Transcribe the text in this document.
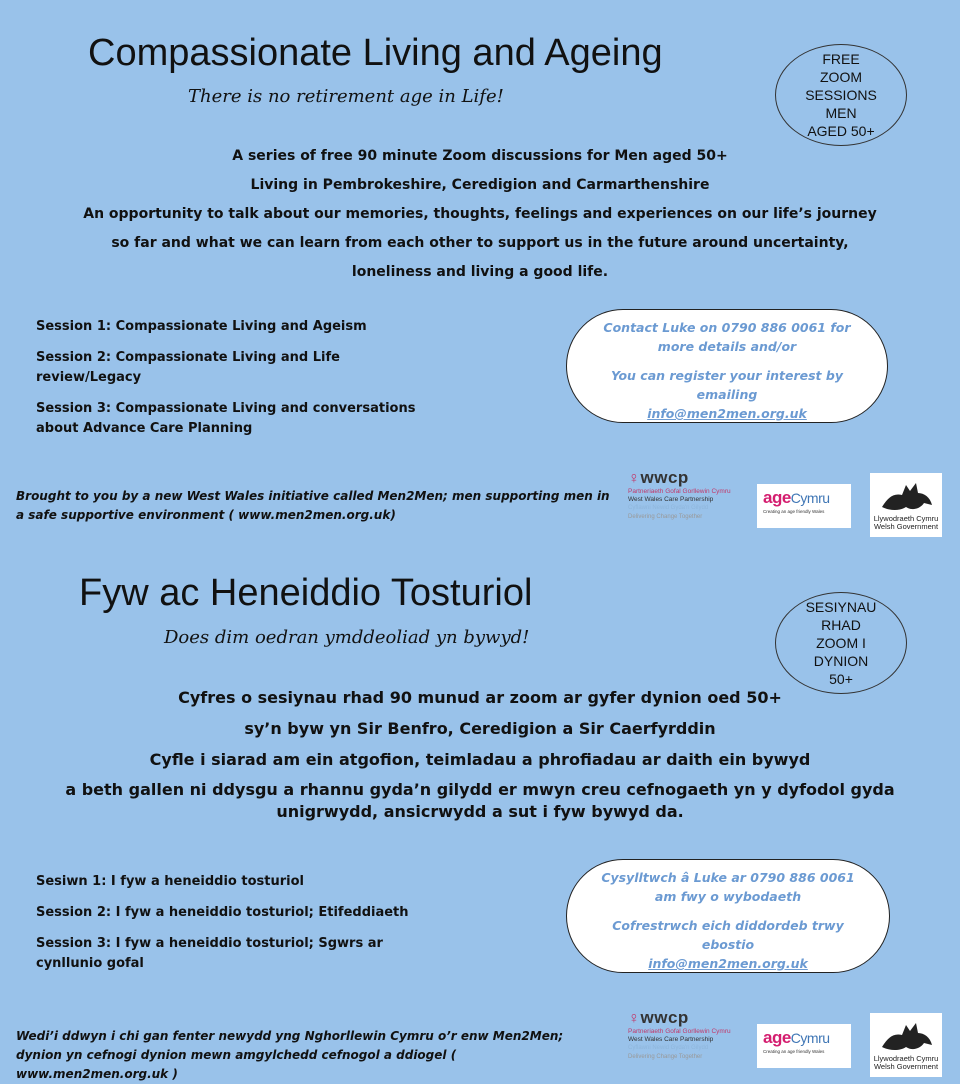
Compassionate Living and Ageing
There is no retirement age in Life!
FREE
ZOOM
SESSIONS
MEN
AGED 50+

A series of free 90 minute Zoom discussions for Men aged 50+

Living in Pembrokeshire, Ceredigion and Carmarthenshire

An opportunity to talk about our memories, thoughts, feelings and experiences on our life’s journey

so far and what we can learn from each other to support us in the future around uncertainty,

loneliness and living a good life.

Session 1: Compassionate Living and Ageism
Session 2: Compassionate Living and Life review/Legacy
Session 3: Compassionate Living and conversations about Advance Care Planning

Contact Luke on 0790 886 0061 for more details and/or

You can register your interest by emailing
info@men2men.org.uk

Brought to you by a new West Wales initiative called Men2Men; men supporting men in a safe supportive environment ( www.men2men.org.uk)
♀wwcp
Partneriaeth Gofal Gorllewin Cymru
West Wales Care Partnership
Cyflawni Newid Gyda'n Gilydd
Delivering Change Together
ageCymru
Creating an age friendly Wales
Llywodraeth Cymru
Welsh Government
Fyw ac Heneiddio Tosturiol
Does dim oedran ymddeoliad yn bywyd!
SESIYNAU
RHAD
ZOOM I
DYNION
50+

Cyfres o sesiynau rhad 90 munud ar zoom ar gyfer dynion oed 50+

sy’n byw yn Sir Benfro, Ceredigion a Sir Caerfyrddin

Cyfle i siarad am ein atgofion, teimladau a phrofiadau ar daith ein bywyd

a beth gallen ni ddysgu a rhannu gyda’n gilydd er mwyn creu cefnogaeth yn y dyfodol gyda

unigrwydd, ansicrwydd a sut i fyw bywyd da.

Sesiwn 1: I fyw a heneiddio tosturiol
Session 2: I fyw a heneiddio tosturiol; Etifeddiaeth
Session 3: I fyw a heneiddio tosturiol; Sgwrs ar cynllunio gofal

Cysylltwch â Luke ar 0790 886 0061 am fwy o wybodaeth

Cofrestrwch eich diddordeb trwy ebostio
info@men2men.org.uk

Wedi’i ddwyn i chi gan fenter newydd yng Nghorllewin Cymru o’r enw Men2Men; dynion yn cefnogi dynion mewn amgylchedd cefnogol a ddiogel ( www.men2men.org.uk )
♀wwcp
Partneriaeth Gofal Gorllewin Cymru
West Wales Care Partnership
Cyflawni Newid Gyda'n Gilydd
Delivering Change Together
ageCymru
Creating an age friendly Wales
Llywodraeth Cymru
Welsh Government
